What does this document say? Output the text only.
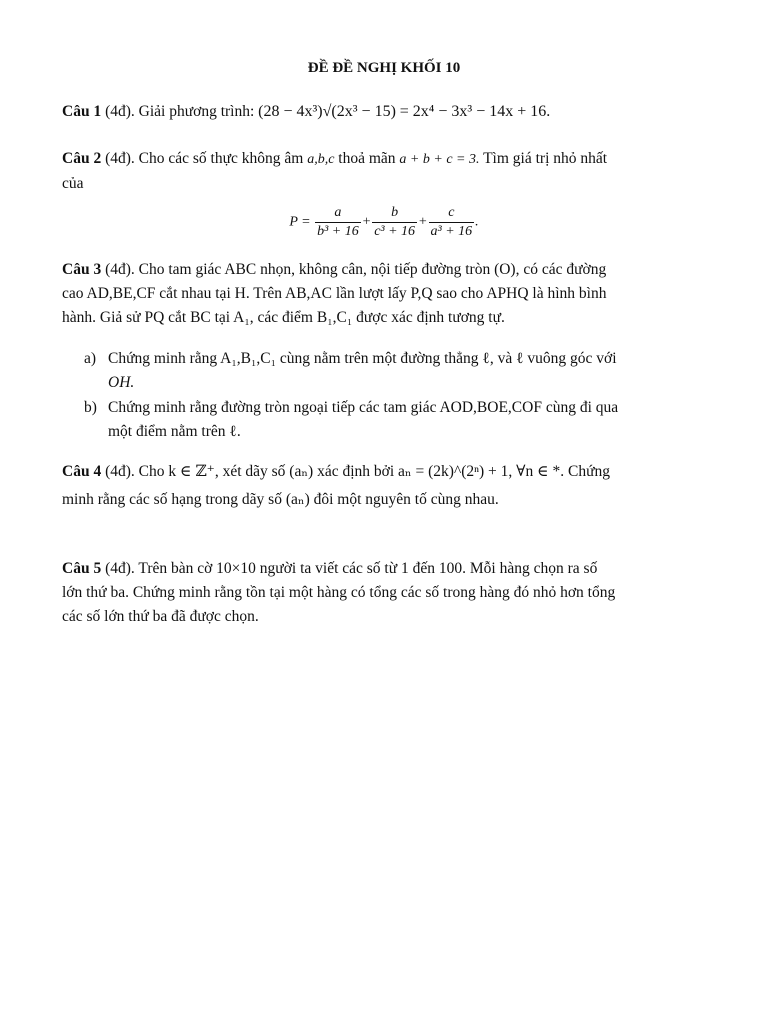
ĐỀ ĐỀ NGHỊ KHỐI 10
Câu 1 (4đ). Giải phương trình: (28 − 4x³)√(2x³ − 15) = 2x⁴ − 3x³ − 14x + 16.
Câu 2 (4đ). Cho các số thực không âm a,b,c thoả mãn a + b + c = 3. Tìm giá trị nhỏ nhất
của
$P = \frac{a}{\text{b³ + 16}} + \frac{b}{\text{c³ + 16}} + \frac{c}{\text{a³ + 16}}$ .
Câu 3 (4đ). Cho tam giác ABC nhọn, không cân, nội tiếp đường tròn (O), có các đường
cao AD,BE,CF cắt nhau tại H. Trên AB,AC lần lượt lấy P,Q sao cho APHQ là hình bình
hành. Giả sử PQ cắt BC tại A₁, các điểm B₁,C₁ được xác định tương tự.
a) Chứng minh rằng A₁,B₁,C₁ cùng nằm trên một đường thẳng ℓ, và ℓ vuông góc với
OH.
b) Chứng minh rằng đường tròn ngoại tiếp các tam giác AOD,BOE,COF cùng đi qua
một điểm nằm trên ℓ.
Câu 4 (4đ). Cho k ∈ ℤ⁺, xét dãy số (aₙ) xác định bởi aₙ = (2k)^(2ⁿ) + 1, ∀n ∈ *. Chứng
minh rằng các số hạng trong dãy số (aₙ) đôi một nguyên tố cùng nhau.
Câu 5 (4đ). Trên bàn cờ 10×10 người ta viết các số từ 1 đến 100. Mỗi hàng chọn ra số
lớn thứ ba. Chứng minh rằng tồn tại một hàng có tổng các số trong hàng đó nhỏ hơn tổng
các số lớn thứ ba đã được chọn.
